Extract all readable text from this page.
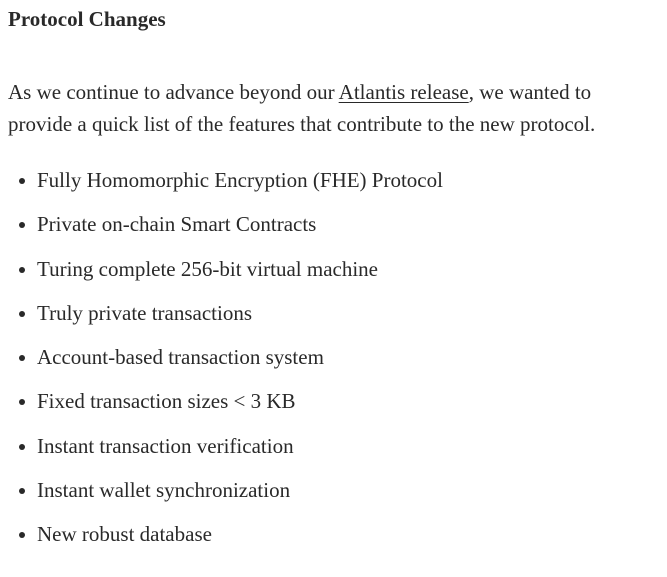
Protocol Changes

As we continue to advance beyond our Atlantis release, we wanted to provide a quick list of the features that contribute to the new protocol.

Fully Homomorphic Encryption (FHE) Protocol
Private on-chain Smart Contracts
Turing complete 256-bit virtual machine
Truly private transactions
Account-based transaction system
Fixed transaction sizes < 3 KB
Instant transaction verification
Instant wallet synchronization
New robust database
